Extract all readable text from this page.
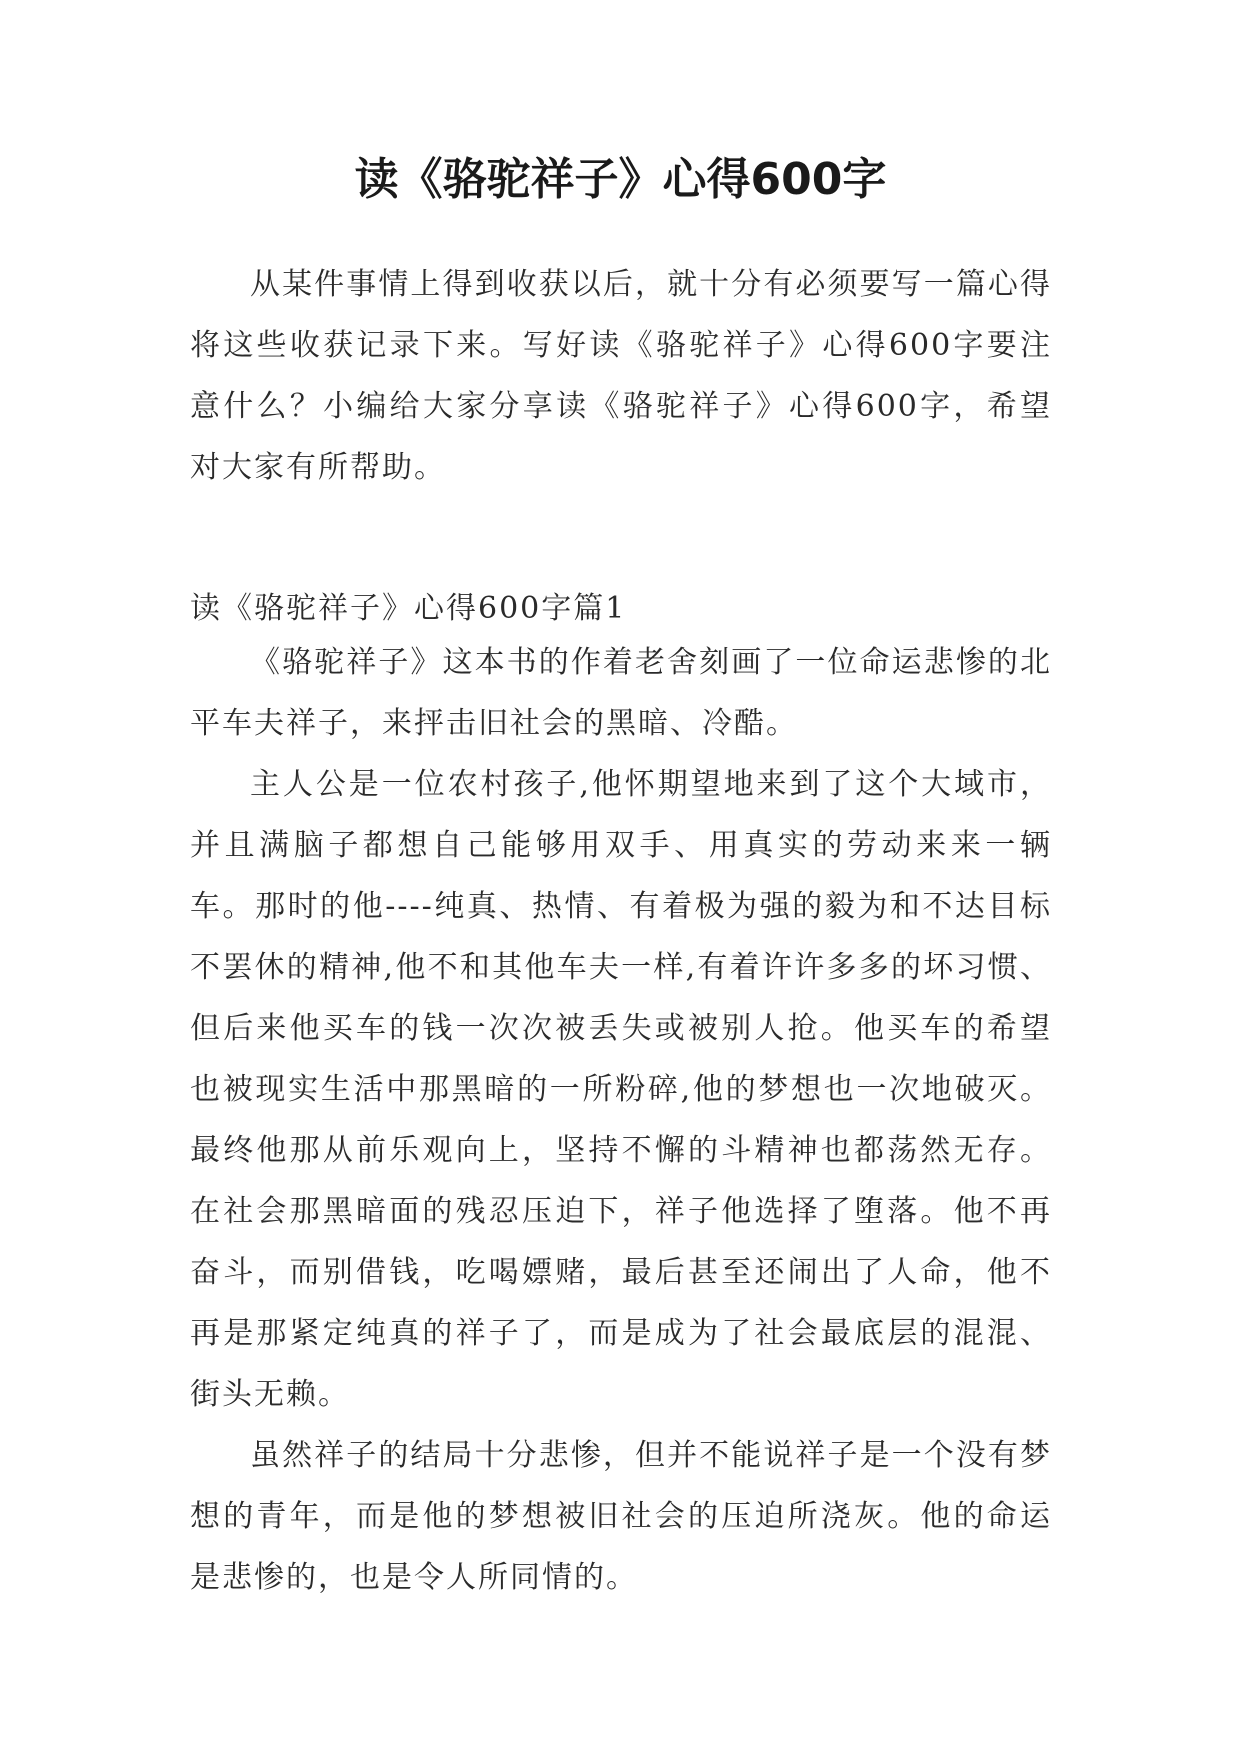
读《骆驼祥子》心得600字

从某件事情上得到收获以后，就十分有必须要写一篇心得将这些收获记录下来。写好读《骆驼祥子》心得600字要注意什么？小编给大家分享读《骆驼祥子》心得600字，希望对大家有所帮助。

读《骆驼祥子》心得600字篇1

《骆驼祥子》这本书的作着老舍刻画了一位命运悲惨的北平车夫祥子，来抨击旧社会的黑暗、冷酷。

主人公是一位农村孩子,他怀期望地来到了这个大域市，并且满脑子都想自己能够用双手、用真实的劳动来来一辆车。那时的他----纯真、热情、有着极为强的毅为和不达目标不罢休的精神,他不和其他车夫一样,有着许许多多的坏习惯、但后来他买车的钱一次次被丢失或被别人抢。他买车的希望也被现实生活中那黑暗的一所粉碎,他的梦想也一次地破灭。最终他那从前乐观向上，坚持不懈的斗精神也都荡然无存。在社会那黑暗面的残忍压迫下，祥子他选择了堕落。他不再奋斗，而别借钱，吃喝嫖赌，最后甚至还闹出了人命，他不再是那紧定纯真的祥子了，而是成为了社会最底层的混混、街头无赖。

虽然祥子的结局十分悲惨，但并不能说祥子是一个没有梦想的青年，而是他的梦想被旧社会的压迫所浇灰。他的命运是悲惨的，也是令人所同情的。
